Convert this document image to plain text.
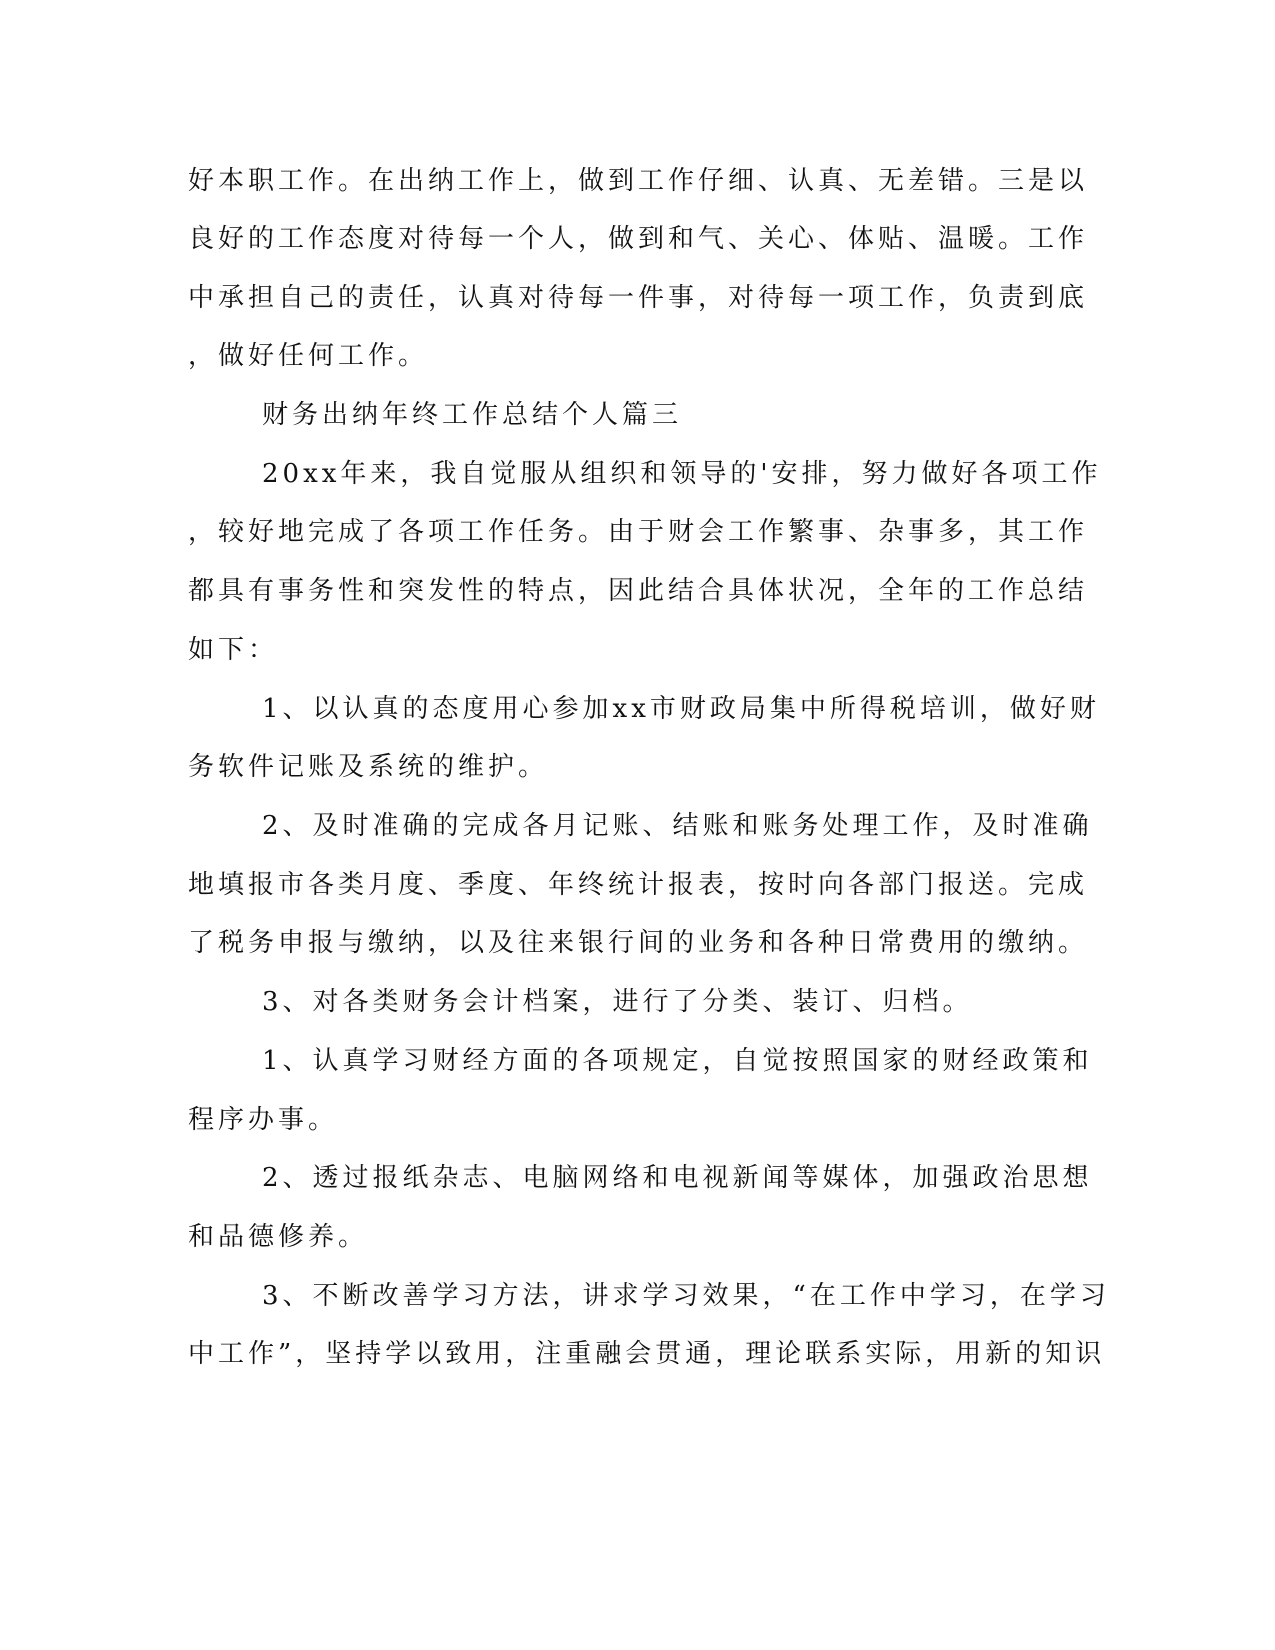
好本职工作。在出纳工作上，做到工作仔细、认真、无差错。三是以
良好的工作态度对待每一个人，做到和气、关心、体贴、温暖。工作
中承担自己的责任，认真对待每一件事，对待每一项工作，负责到底
，做好任何工作。
财务出纳年终工作总结个人篇三
20xx年来，我自觉服从组织和领导的'安排，努力做好各项工作
，较好地完成了各项工作任务。由于财会工作繁事、杂事多，其工作
都具有事务性和突发性的特点，因此结合具体状况，全年的工作总结
如下：
1、以认真的态度用心参加xx市财政局集中所得税培训，做好财
务软件记账及系统的维护。
2、及时准确的完成各月记账、结账和账务处理工作，及时准确
地填报市各类月度、季度、年终统计报表，按时向各部门报送。完成
了税务申报与缴纳，以及往来银行间的业务和各种日常费用的缴纳。
3、对各类财务会计档案，进行了分类、装订、归档。
1、认真学习财经方面的各项规定，自觉按照国家的财经政策和
程序办事。
2、透过报纸杂志、电脑网络和电视新闻等媒体，加强政治思想
和品德修养。
3、不断改善学习方法，讲求学习效果，“在工作中学习，在学习
中工作”，坚持学以致用，注重融会贯通，理论联系实际，用新的知识
